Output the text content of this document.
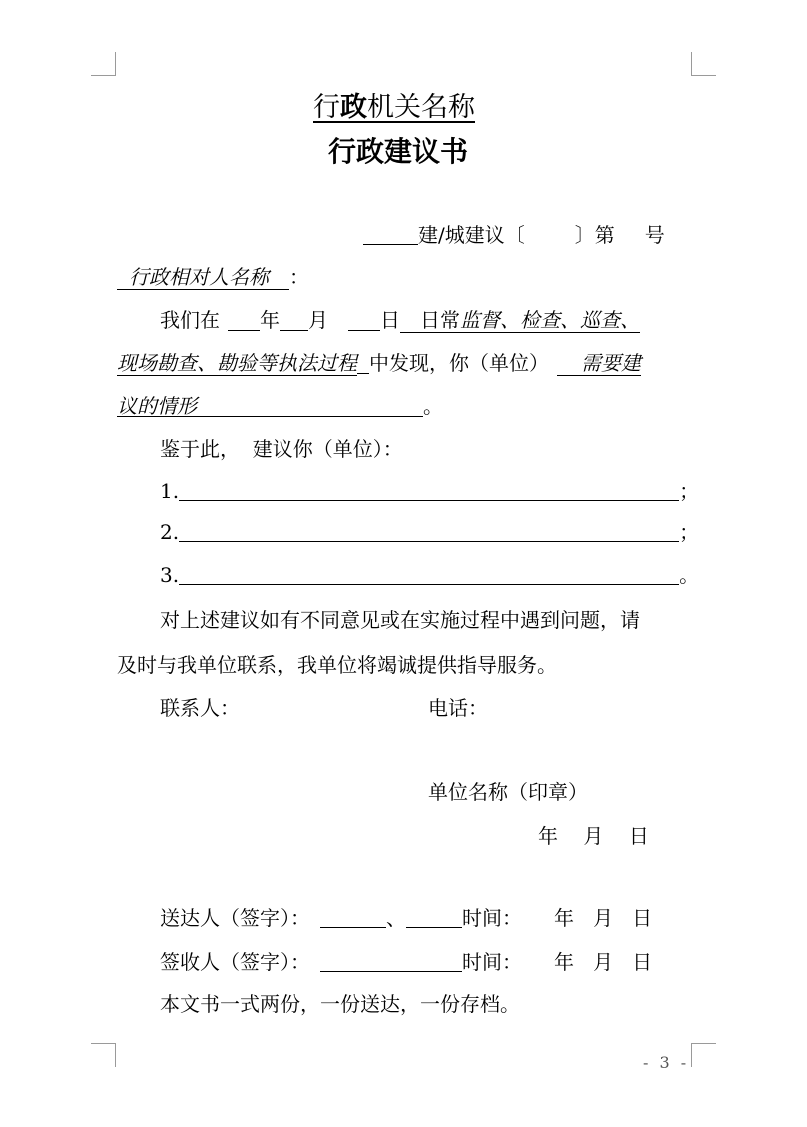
行政机关名称
行政建议书
建/城建议〔	〕第 号
行政相对人名称 ：
我们在 年 月	日 日常监督、检查、巡查、
现场勘查、勘验等执法过程 中发现，你（单位） 需要建
议的情形	。
鉴于此，  建议你（单位）：
1.	；
2.	；
3.	。
对上述建议如有不同意见或在实施过程中遇到问题，请
及时与我单位联系，我单位将竭诚提供指导服务。
联系人：	电话：
单位名称（印章）
年    月    日
送达人（签字）：	、	时间： 年   月   日
签收人（签字）：	时间： 年   月   日
本文书一式两份，一份送达，一份存档。
- 3 -
